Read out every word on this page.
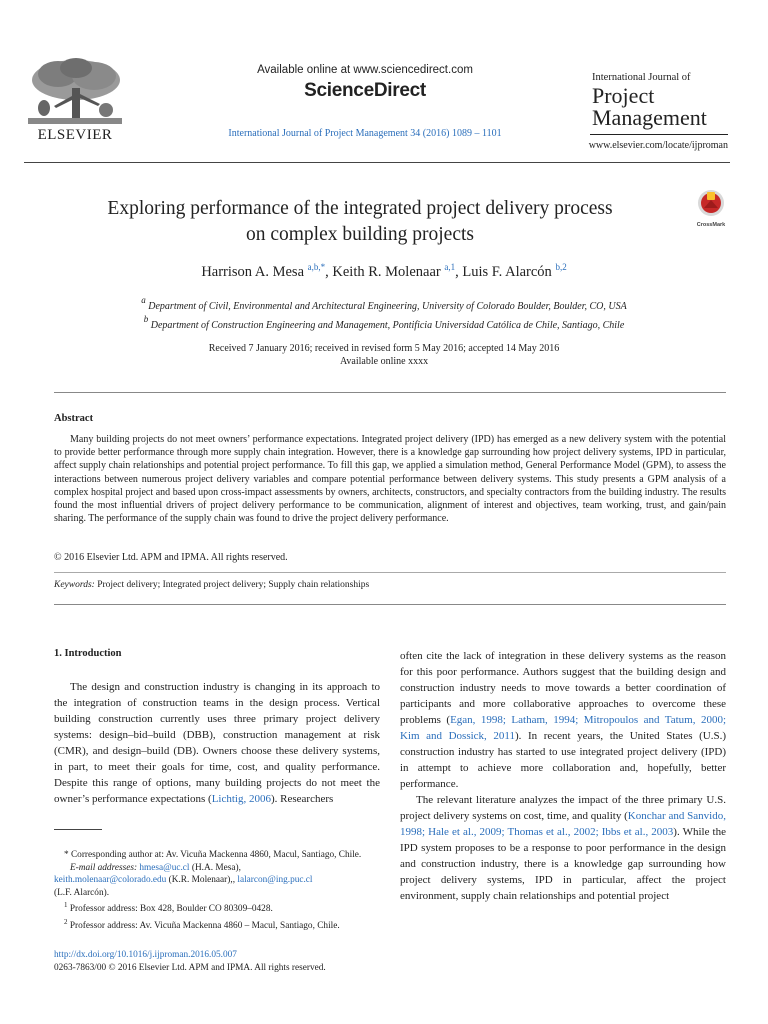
ELSEVIER
Available online at www.sciencedirect.com
ScienceDirect
International Journal of Project Management 34 (2016) 1089 – 1101
International Journal of
Project
Management
www.elsevier.com/locate/ijproman
Exploring performance of the integrated project delivery process
on complex building projects	CrossMark
Harrison A. Mesa $^{a,b,*}$, Keith R. Molenaar $^{a,1}$, Luis F. Alarcón $^{b,2}$
$^a$ Department of Civil, Environmental and Architectural Engineering, University of Colorado Boulder, Boulder, CO, USA
$^b$ Department of Construction Engineering and Management, Pontificia Universidad Católica de Chile, Santiago, Chile
Received 7 January 2016; received in revised form 5 May 2016; accepted 14 May 2016
Available online xxxx
Abstract
Many building projects do not meet owners’ performance expectations. Integrated project delivery (IPD) has emerged as a new delivery system with the potential to provide better performance through more supply chain integration. However, there is a knowledge gap surrounding how project delivery systems, IPD in particular, affect supply chain relationships and potential project performance. To fill this gap, we applied a simulation method, General Performance Model (GPM), to assess the interactions between numerous project delivery variables and compare potential performance between delivery systems. This study presents a GPM analysis of a complex hospital project and based upon cross-impact assessments by owners, architects, constructors, and specialty contractors from the building industry. The results found the most influential drivers of project delivery performance to be communication, alignment of interest and objectives, team working, trust, and gain/pain sharing. The performance of the supply chain was found to drive the project delivery performance.
© 2016 Elsevier Ltd. APM and IPMA. All rights reserved.
Keywords: Project delivery; Integrated project delivery; Supply chain relationships
1. Introduction
The design and construction industry is changing in its approach to the integration of construction teams in the design process. Vertical building construction currently uses three primary project delivery systems: design–bid–build (DBB), construction management at risk (CMR), and design–build (DB). Owners choose these delivery systems, in part, to meet their goals for time, cost, and quality performance. Despite this range of options, many building projects do not meet the owner’s performance expectations (Lichtig, 2006). Researchers

often cite the lack of integration in these delivery systems as the reason for this poor performance. Authors suggest that the building design and construction industry needs to move towards a better coordination of participants and more collaborative approaches to overcome these problems (Egan, 1998; Latham, 1994; Mitropoulos and Tatum, 2000; Kim and Dossick, 2011). In recent years, the United States (U.S.) construction industry has started to use integrated project delivery (IPD) in attempt to achieve more collaboration and, hopefully, better performance.

The relevant literature analyzes the impact of the three primary U.S. project delivery systems on cost, time, and quality (Konchar and Sanvido, 1998; Hale et al., 2009; Thomas et al., 2002; Ibbs et al., 2003). While the IPD system proposes to be a response to poor performance in the design and construction industry, there is a knowledge gap surrounding how project delivery systems, IPD in particular, affect the project environment, supply chain relationships and potential project

* Corresponding author at: Av. Vicuña Mackenna 4860, Macul, Santiago, Chile.
E-mail addresses: hmesa@uc.cl (H.A. Mesa),
keith.molenaar@colorado.edu (K.R. Molenaar),, lalarcon@ing.puc.cl
(L.F. Alarcón).
$^1$ Professor address: Box 428, Boulder CO 80309–0428.
$^2$ Professor address: Av. Vicuña Mackenna 4860 – Macul, Santiago, Chile.
http://dx.doi.org/10.1016/j.ijproman.2016.05.007
0263-7863/00 © 2016 Elsevier Ltd. APM and IPMA. All rights reserved.
